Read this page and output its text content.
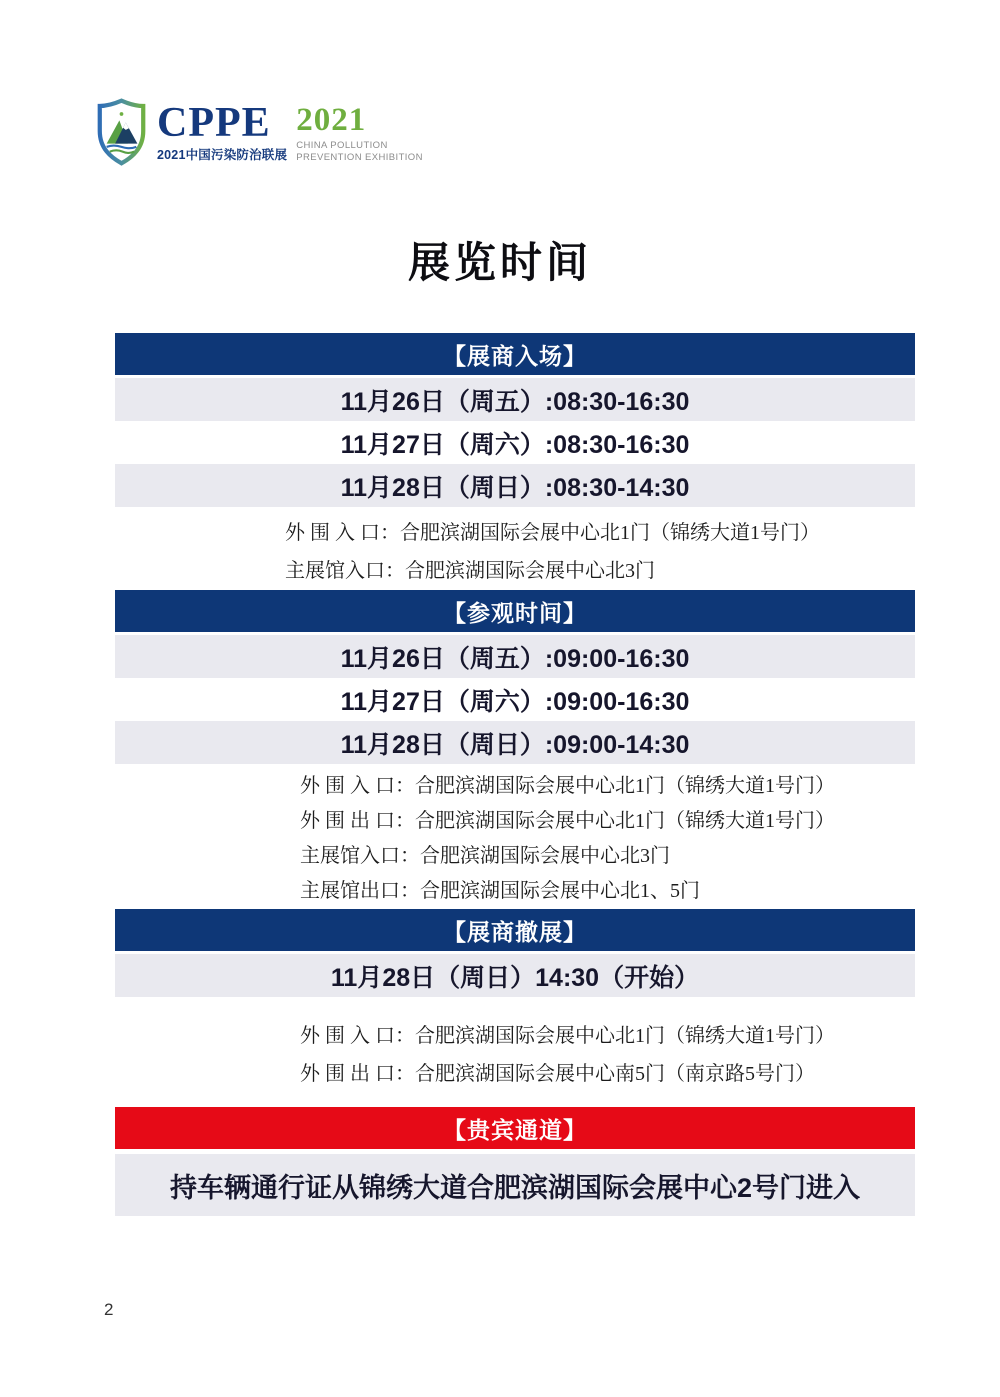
CPPE
2021中国污染防治联展
2021
CHINA POLLUTION
PREVENTION EXHIBITION
展览时间
【展商入场】
11月26日（周五）:08:30-16:30
11月27日（周六）:08:30-16:30
11月28日（周日）:08:30-14:30
外 围 入 口：合肥滨湖国际会展中心北1门（锦绣大道1号门）
主展馆入口：合肥滨湖国际会展中心北3门
【参观时间】
11月26日（周五）:09:00-16:30
11月27日（周六）:09:00-16:30
11月28日（周日）:09:00-14:30
外 围 入 口：合肥滨湖国际会展中心北1门（锦绣大道1号门）
外 围 出 口：合肥滨湖国际会展中心北1门（锦绣大道1号门）
主展馆入口：合肥滨湖国际会展中心北3门
主展馆出口：合肥滨湖国际会展中心北1、5门
【展商撤展】
11月28日（周日）14:30（开始）
外 围 入 口：合肥滨湖国际会展中心北1门（锦绣大道1号门）
外 围 出 口：合肥滨湖国际会展中心南5门（南京路5号门）
【贵宾通道】
持车辆通行证从锦绣大道合肥滨湖国际会展中心2号门进入
2
